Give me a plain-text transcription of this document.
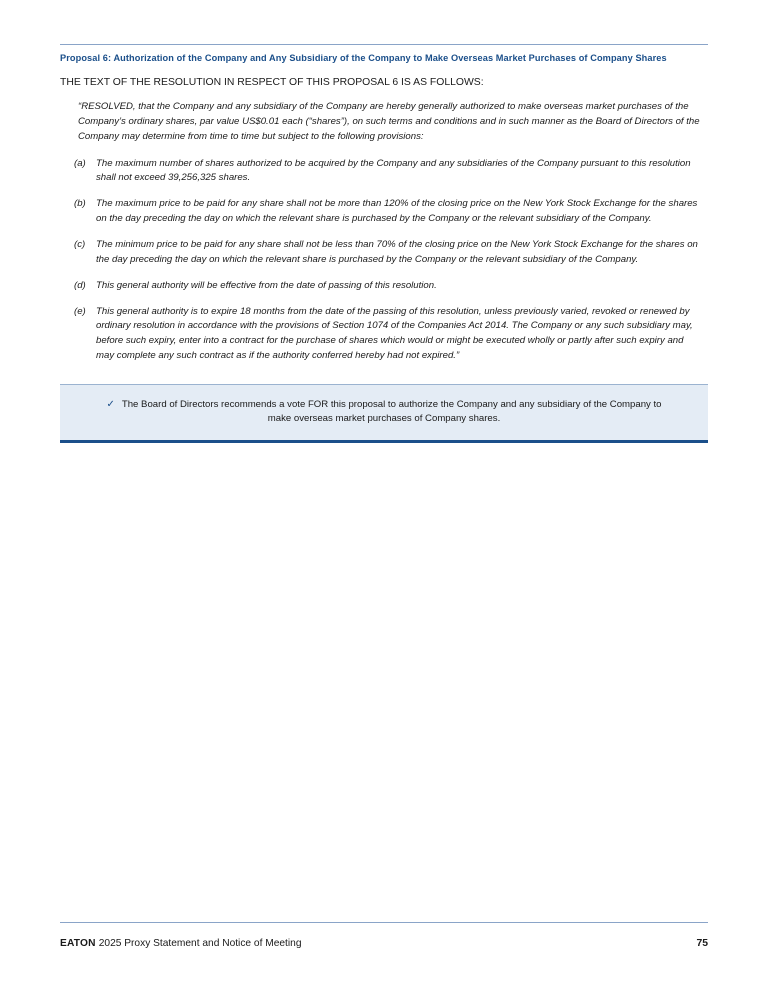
Proposal 6: Authorization of the Company and Any Subsidiary of the Company to Make Overseas Market Purchases of Company Shares

THE TEXT OF THE RESOLUTION IN RESPECT OF THIS PROPOSAL 6 IS AS FOLLOWS:

“RESOLVED, that the Company and any subsidiary of the Company are hereby generally authorized to make overseas market purchases of the Company’s ordinary shares, par value US$0.01 each (“shares”), on such terms and conditions and in such manner as the Board of Directors of the Company may determine from time to time but subject to the following provisions:

(a)	The maximum number of shares authorized to be acquired by the Company and any subsidiaries of the Company pursuant to this resolution shall not exceed 39,256,325 shares.
(b)	The maximum price to be paid for any share shall not be more than 120% of the closing price on the New York Stock Exchange for the shares on the day preceding the day on which the relevant share is purchased by the Company or the relevant subsidiary of the Company.
(c)	The minimum price to be paid for any share shall not be less than 70% of the closing price on the New York Stock Exchange for the shares on the day preceding the day on which the relevant share is purchased by the Company or the relevant subsidiary of the Company.
(d)	This general authority will be effective from the date of passing of this resolution.
(e)	This general authority is to expire 18 months from the date of the passing of this resolution, unless previously varied, revoked or renewed by ordinary resolution in accordance with the provisions of Section 1074 of the Companies Act 2014. The Company or any such subsidiary may, before such expiry, enter into a contract for the purchase of shares which would or might be executed wholly or partly after such expiry and may complete any such contract as if the authority conferred hereby had not expired.”
✓ The Board of Directors recommends a vote FOR this proposal to authorize the Company and any subsidiary of the Company to make overseas market purchases of Company shares.
EATON 2025 Proxy Statement and Notice of Meeting	75
